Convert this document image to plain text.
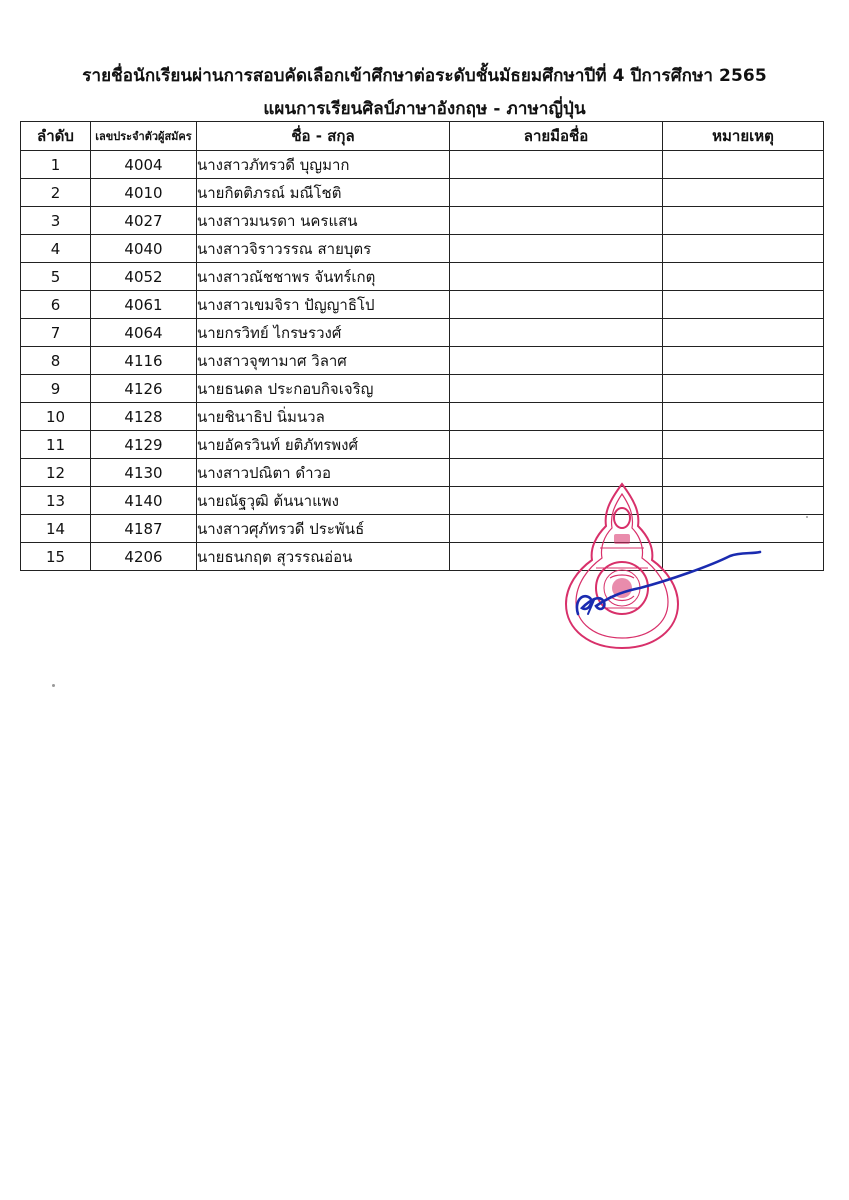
รายชื่อนักเรียนผ่านการสอบคัดเลือกเข้าศึกษาต่อระดับชั้นมัธยมศึกษาปีที่ 4 ปีการศึกษา 2565
แผนการเรียนศิลป์ภาษาอังกฤษ - ภาษาญี่ปุ่น
ลำดับ	เลขประจำตัวผู้สมัคร	ชื่อ - สกุล	ลายมือชื่อ	หมายเหตุ
1	4004	นางสาวภัทรวดี บุญมาก		
2	4010	นายกิตติภรณ์ มณีโชติ		
3	4027	นางสาวมนรดา นครแสน		
4	4040	นางสาวจิราวรรณ สายบุตร		
5	4052	นางสาวณัชชาพร จันทร์เกตุ		
6	4061	นางสาวเขมจิรา ปัญญาธิโป		
7	4064	นายกรวิทย์ ไกรษรวงศ์		
8	4116	นางสาวจุฑามาศ วิลาศ		
9	4126	นายธนดล ประกอบกิจเจริญ		
10	4128	นายชินาธิป นิ่มนวล		
11	4129	นายอัครวินท์ ยติภัทรพงศ์		
12	4130	นางสาวปณิตา ดำวอ		
13	4140	นายณัฐวุฒิ ต้นนาแพง		
14	4187	นางสาวศุภัทรวดี ประพันธ์		
15	4206	นายธนกฤต สุวรรณอ่อน		
